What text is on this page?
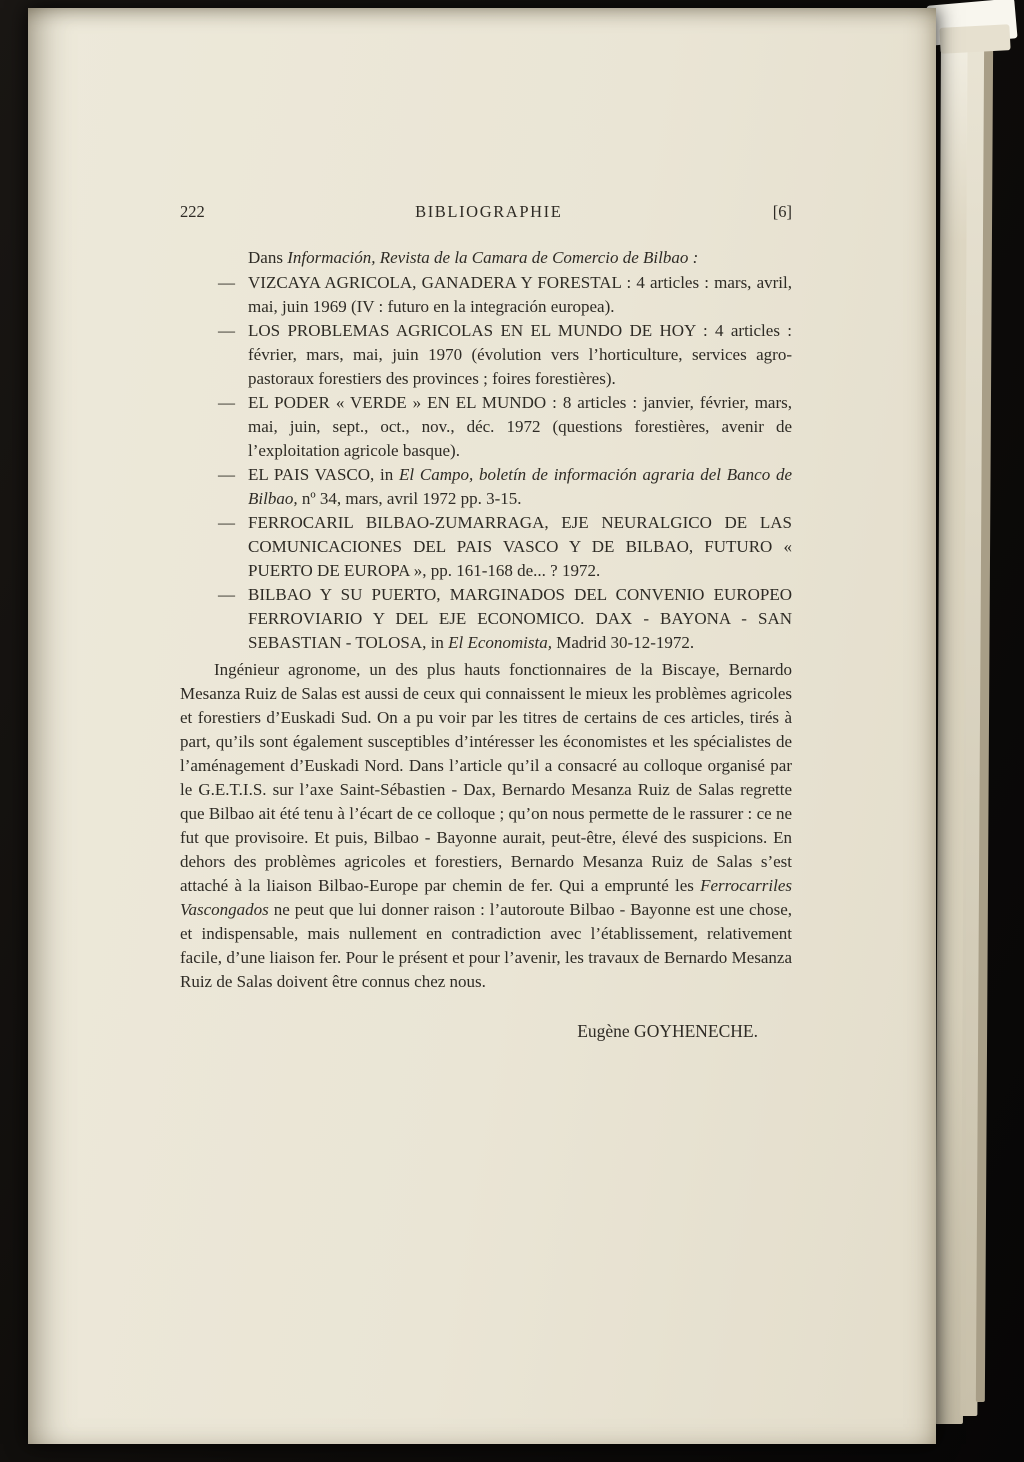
222	BIBLIOGRAPHIE	[6]

Dans Información, Revista de la Camara de Comercio de Bilbao :

— VIZCAYA AGRICOLA, GANADERA Y FORESTAL : 4 articles : mars, avril, mai, juin 1969 (IV : futuro en la integración europea).

— LOS PROBLEMAS AGRICOLAS EN EL MUNDO DE HOY : 4 articles : février, mars, mai, juin 1970 (évolution vers l’horticulture, services agro-pastoraux forestiers des provinces ; foires forestières).

— EL PODER « VERDE » EN EL MUNDO : 8 articles : janvier, février, mars, mai, juin, sept., oct., nov., déc. 1972 (questions forestières, avenir de l’exploitation agricole basque).

— EL PAIS VASCO, in El Campo, boletín de información agraria del Banco de Bilbao, nº 34, mars, avril 1972 pp. 3-15.

— FERROCARIL BILBAO-ZUMARRAGA, EJE NEURALGICO DE LAS COMUNICACIONES DEL PAIS VASCO Y DE BILBAO, FUTURO « PUERTO DE EUROPA », pp. 161-168 de... ? 1972.

— BILBAO Y SU PUERTO, MARGINADOS DEL CONVENIO EUROPEO FERROVIARIO Y DEL EJE ECONOMICO. DAX - BAYONA - SAN SEBASTIAN - TOLOSA, in El Economista, Madrid 30-12-1972.

Ingénieur agronome, un des plus hauts fonctionnaires de la Biscaye, Bernardo Mesanza Ruiz de Salas est aussi de ceux qui connaissent le mieux les problèmes agricoles et forestiers d’Euskadi Sud. On a pu voir par les titres de certains de ces articles, tirés à part, qu’ils sont également susceptibles d’intéresser les économistes et les spécialistes de l’aménagement d’Euskadi Nord. Dans l’article qu’il a consacré au colloque organisé par le G.E.T.I.S. sur l’axe Saint-Sébastien - Dax, Bernardo Mesanza Ruiz de Salas regrette que Bilbao ait été tenu à l’écart de ce colloque ; qu’on nous permette de le rassurer : ce ne fut que provisoire. Et puis, Bilbao - Bayonne aurait, peut-être, élevé des suspicions. En dehors des problèmes agricoles et forestiers, Bernardo Mesanza Ruiz de Salas s’est attaché à la liaison Bilbao-Europe par chemin de fer. Qui a emprunté les Ferrocarriles Vascongados ne peut que lui donner raison : l’autoroute Bilbao - Bayonne est une chose, et indispensable, mais nullement en contradiction avec l’établissement, relativement facile, d’une liaison fer. Pour le présent et pour l’avenir, les travaux de Bernardo Mesanza Ruiz de Salas doivent être connus chez nous.

Eugène GOYHENECHE.
